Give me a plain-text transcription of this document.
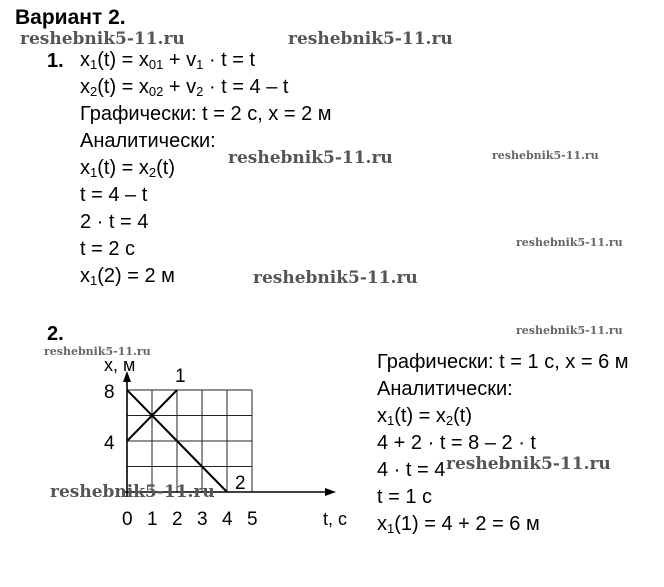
Вариант 2.
1. $x_1(t) = x_{01} + v_1 \cdot t = t$
$x_2(t) = x_{02} + v_2 \cdot t = 4 - t$
Графически: t = 2 с, x = 2 м
Аналитически:
$x_1(t) = x_2(t)$
t = 4 – t
2 · t = 4
t = 2 с
$x_1(2) = 2$ м
2.
x, м
t, с
8
4
0 1 2 3 4 5
1
2
Графически: t = 1 с, x = 6 м
Аналитически:
$x_1(t) = x_2(t)$
4 + 2 · t = 8 – 2 · t
4 · t = 4
t = 1 с
$x_1(1) = 4 + 2 = 6$ м
reshebnik5-11.ru	reshebnik5-11.ru
reshebnik5-11.ru	reshebnik5-11.ru
reshebnik5-11.ru
reshebnik5-11.ru
reshebnik5-11.ru
reshebnik5-11.ru
reshebnik5-11.ru
reshebnik5-11.ru
